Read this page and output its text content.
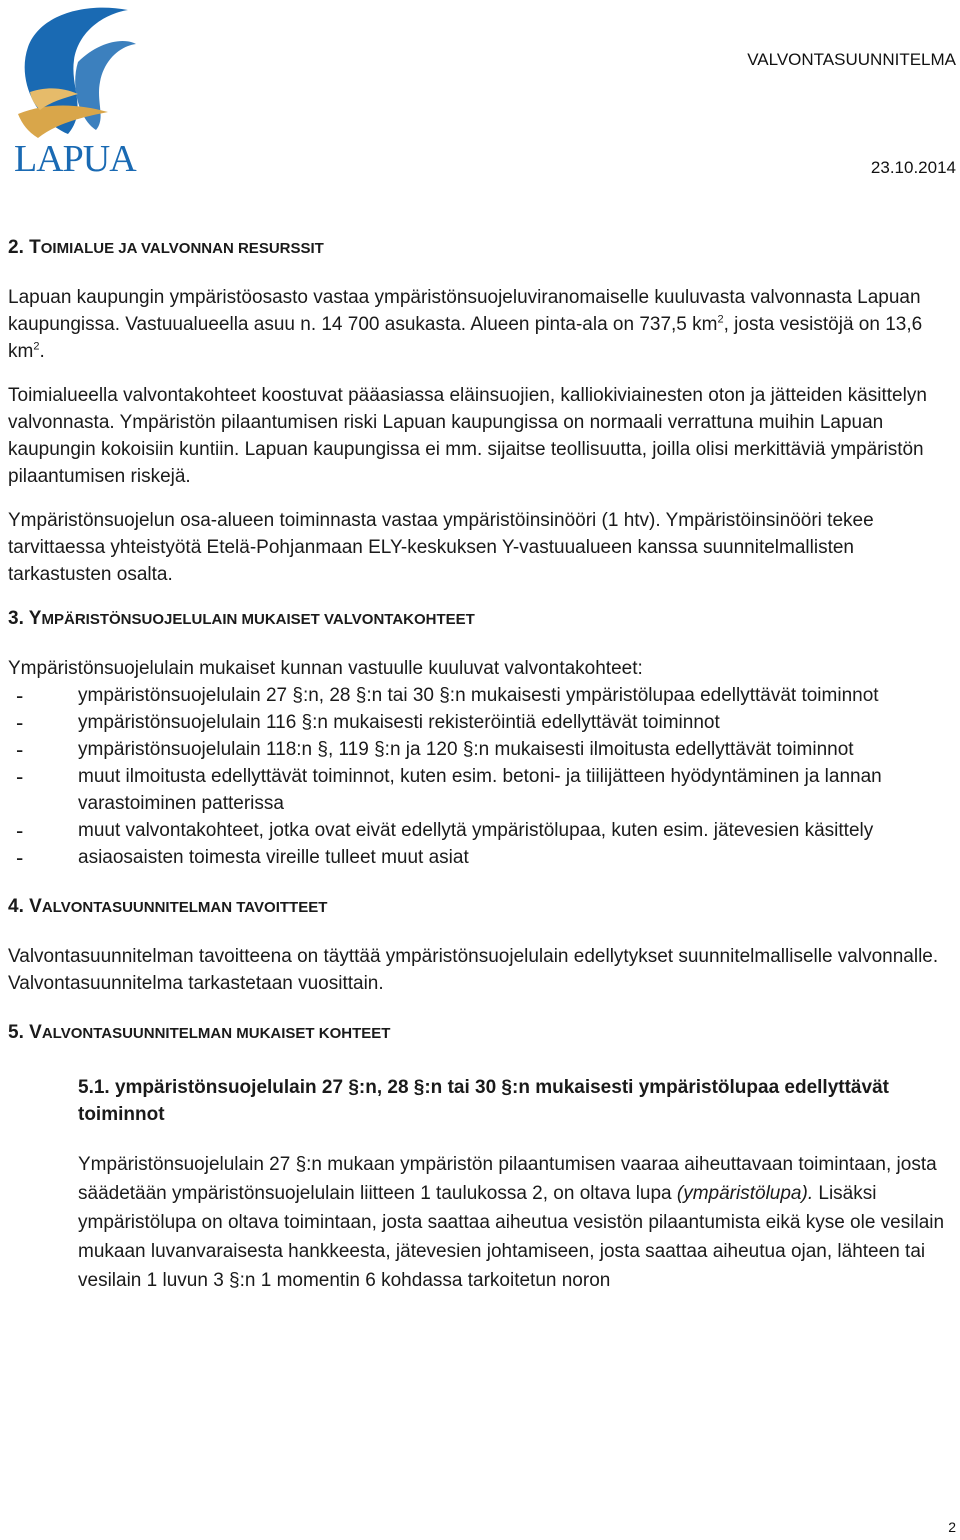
LAPUA
VALVONTASUUNNITELMA
23.10.2014
2. TOIMIALUE JA VALVONNAN RESURSSIT

Lapuan kaupungin ympäristöosasto vastaa ympäristönsuojeluviranomaiselle kuuluvasta valvonnasta Lapuan kaupungissa. Vastuualueella asuu n. 14 700 asukasta. Alueen pinta-ala on 737,5 $km^2$, josta vesistöjä on 13,6 $km^2$.

Toimialueella valvontakohteet koostuvat pääasiassa eläinsuojien, kalliokiviainesten oton ja jätteiden käsittelyn valvonnasta. Ympäristön pilaantumisen riski Lapuan kaupungissa on normaali verrattuna muihin Lapuan kaupungin kokoisiin kuntiin. Lapuan kaupungissa ei mm. sijaitse teollisuutta, joilla olisi merkittäviä ympäristön pilaantumisen riskejä.

Ympäristönsuojelun osa-alueen toiminnasta vastaa ympäristöinsinööri (1 htv). Ympäristöinsinööri tekee tarvittaessa yhteistyötä Etelä-Pohjanmaan ELY-keskuksen Y-vastuualueen kanssa suunnitelmallisten tarkastusten osalta.

3. YMPÄRISTÖNSUOJELULAIN MUKAISET VALVONTAKOHTEET

Ympäristönsuojelulain mukaiset kunnan vastuulle kuuluvat valvontakohteet:

- ympäristönsuojelulain 27 §:n, 28 §:n tai 30 §:n mukaisesti ympäristölupaa edellyttävät toiminnot
- ympäristönsuojelulain 116 §:n mukaisesti rekisteröintiä edellyttävät toiminnot
- ympäristönsuojelulain 118:n §, 119 §:n ja 120 §:n mukaisesti ilmoitusta edellyttävät toiminnot
- muut ilmoitusta edellyttävät toiminnot, kuten esim. betoni- ja tiilijätteen hyödyntäminen ja lannan varastoiminen patterissa
- muut valvontakohteet, jotka ovat eivät edellytä ympäristölupaa, kuten esim. jätevesien käsittely
- asiaosaisten toimesta vireille tulleet muut asiat
4. VALVONTASUUNNITELMAN TAVOITTEET

Valvontasuunnitelman tavoitteena on täyttää ympäristönsuojelulain edellytykset suunnitelmalliselle valvonnalle. Valvontasuunnitelma tarkastetaan vuosittain.

5. VALVONTASUUNNITELMAN MUKAISET KOHTEET
5.1. ympäristönsuojelulain 27 §:n, 28 §:n tai 30 §:n mukaisesti ympäristölupaa edellyttävät toiminnot

Ympäristönsuojelulain 27 §:n mukaan ympäristön pilaantumisen vaaraa aiheuttavaan toimintaan, josta säädetään ympäristönsuojelulain liitteen 1 taulukossa 2, on oltava lupa (ympäristölupa). Lisäksi ympäristölupa on oltava toimintaan, josta saattaa aiheutua vesistön pilaantumista eikä kyse ole vesilain mukaan luvanvaraisesta hankkeesta, jätevesien johtamiseen, josta saattaa aiheutua ojan, lähteen tai vesilain 1 luvun 3 §:n 1 momentin 6 kohdassa tarkoitetun noron

2
